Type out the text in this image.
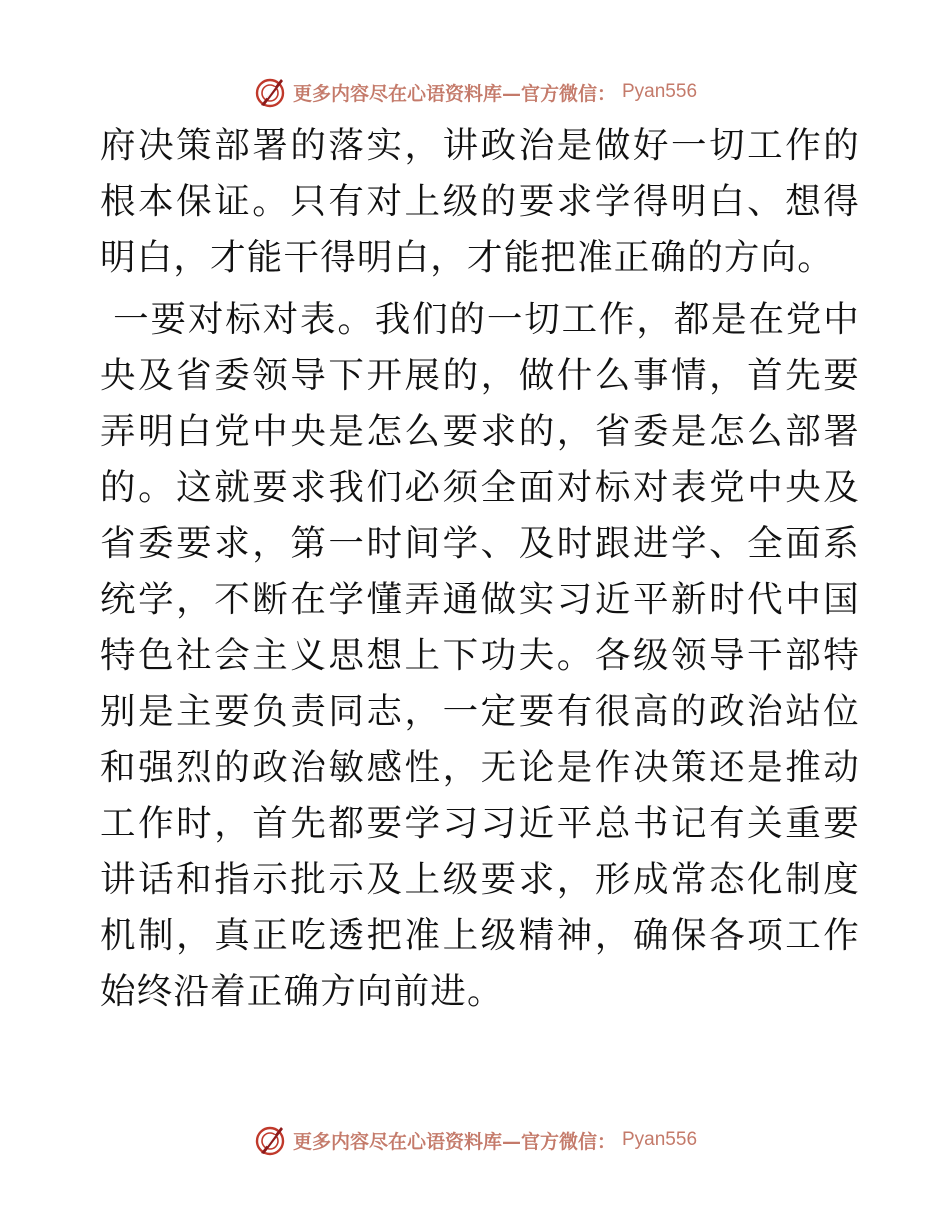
更多内容尽在心语资料库—官方微信： Pyan556

府决策部署的落实，讲政治是做好一切工作的根本保证。只有对上级的要求学得明白、想得明白，才能干得明白，才能把准正确的方向。

一要对标对表。我们的一切工作，都是在党中央及省委领导下开展的，做什么事情，首先要弄明白党中央是怎么要求的，省委是怎么部署的。这就要求我们必须全面对标对表党中央及省委要求，第一时间学、及时跟进学、全面系统学，不断在学懂弄通做实习近平新时代中国特色社会主义思想上下功夫。各级领导干部特别是主要负责同志，一定要有很高的政治站位和强烈的政治敏感性，无论是作决策还是推动工作时，首先都要学习习近平总书记有关重要讲话和指示批示及上级要求，形成常态化制度机制，真正吃透把准上级精神，确保各项工作始终沿着正确方向前进。

更多内容尽在心语资料库—官方微信： Pyan556
